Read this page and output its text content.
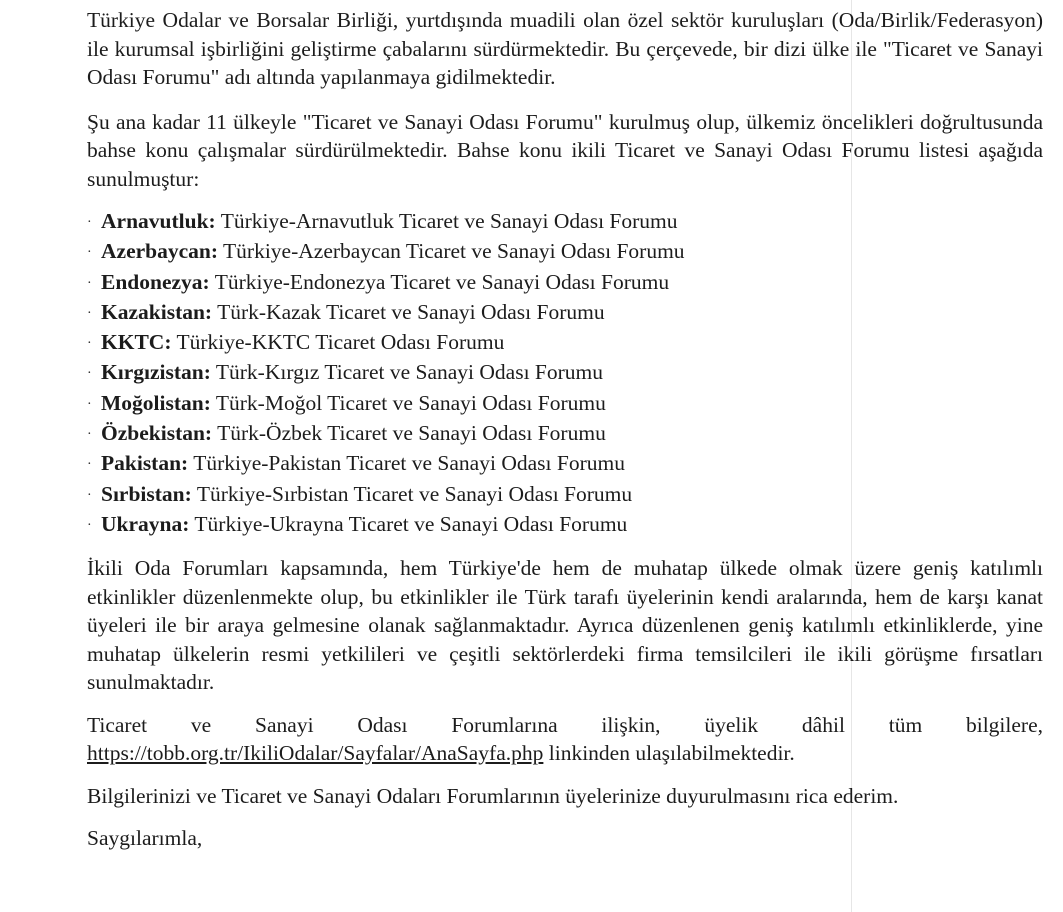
Türkiye Odalar ve Borsalar Birliği, yurtdışında muadili olan özel sektör kuruluşları (Oda/Birlik/Federasyon) ile kurumsal işbirliğini geliştirme çabalarını sürdürmektedir. Bu çerçevede, bir dizi ülke ile "Ticaret ve Sanayi Odası Forumu" adı altında yapılanmaya gidilmektedir.

Şu ana kadar 11 ülkeyle "Ticaret ve Sanayi Odası Forumu" kurulmuş olup, ülkemiz öncelikleri doğrultusunda bahse konu çalışmalar sürdürülmektedir. Bahse konu ikili Ticaret ve Sanayi Odası Forumu listesi aşağıda sunulmuştur:

· Arnavutluk: Türkiye-Arnavutluk Ticaret ve Sanayi Odası Forumu
· Azerbaycan: Türkiye-Azerbaycan Ticaret ve Sanayi Odası Forumu
· Endonezya: Türkiye-Endonezya Ticaret ve Sanayi Odası Forumu
· Kazakistan: Türk-Kazak Ticaret ve Sanayi Odası Forumu
· KKTC: Türkiye-KKTC Ticaret Odası Forumu
· Kırgızistan: Türk-Kırgız Ticaret ve Sanayi Odası Forumu
· Moğolistan: Türk-Moğol Ticaret ve Sanayi Odası Forumu
· Özbekistan: Türk-Özbek Ticaret ve Sanayi Odası Forumu
· Pakistan: Türkiye-Pakistan Ticaret ve Sanayi Odası Forumu
· Sırbistan: Türkiye-Sırbistan Ticaret ve Sanayi Odası Forumu
· Ukrayna: Türkiye-Ukrayna Ticaret ve Sanayi Odası Forumu

İkili Oda Forumları kapsamında, hem Türkiye'de hem de muhatap ülkede olmak üzere geniş katılımlı etkinlikler düzenlenmekte olup, bu etkinlikler ile Türk tarafı üyelerinin kendi aralarında, hem de karşı kanat üyeleri ile bir araya gelmesine olanak sağlanmaktadır. Ayrıca düzenlenen geniş katılımlı etkinliklerde, yine muhatap ülkelerin resmi yetkilileri ve çeşitli sektörlerdeki firma temsilcileri ile ikili görüşme fırsatları sunulmaktadır.

Ticaret ve Sanayi Odası Forumlarına ilişkin, üyelik dâhil tüm bilgilere, https://tobb.org.tr/IkiliOdalar/Sayfalar/AnaSayfa.php linkinden ulaşılabilmektedir.

Bilgilerinizi ve Ticaret ve Sanayi Odaları Forumlarının üyelerinize duyurulmasını rica ederim.

Saygılarımla,
